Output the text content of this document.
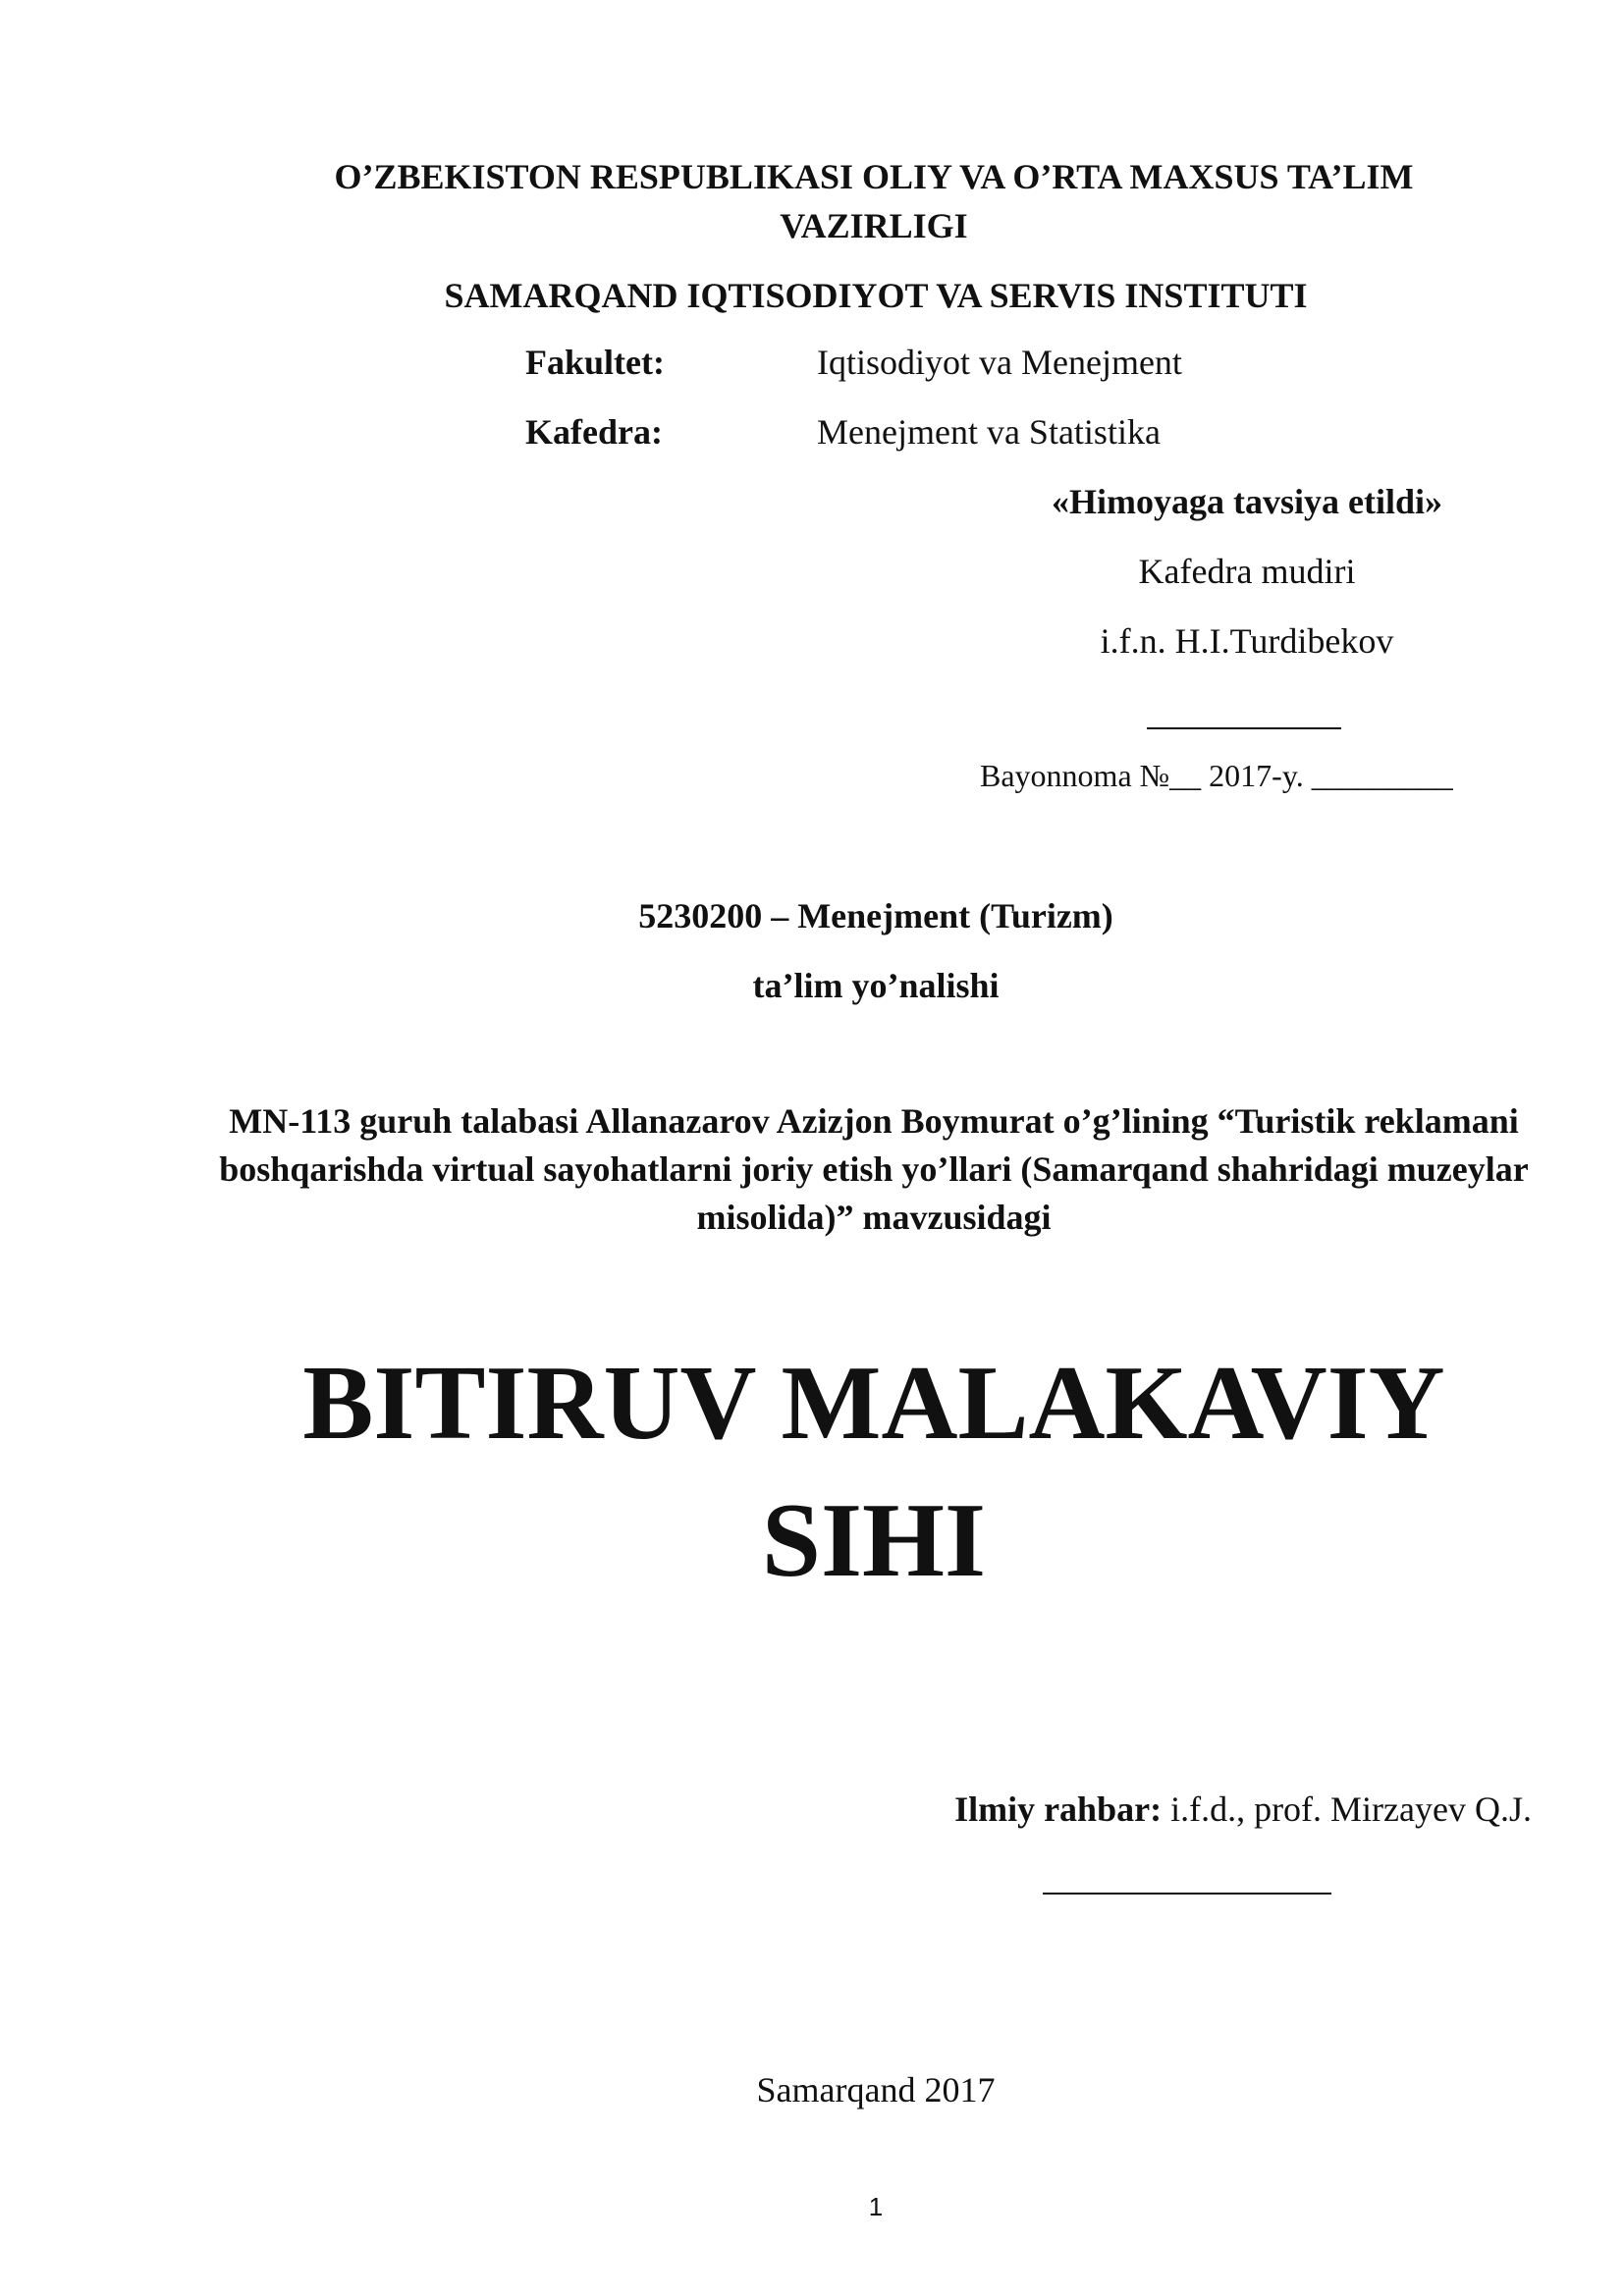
O’ZBEKISTON RESPUBLIKASI OLIY VA O’RTA MAXSUS TA’LIM VAZIRLIGI
SAMARQAND IQTISODIYOT VA SERVIS INSTITUTI
Fakultet:	Iqtisodiyot va Menejment
Kafedra:	Menejment va Statistika
«Himoyaga tavsiya etildi»
Kafedra mudiri
i.f.n. H.I.Turdibekov
Bayonnoma №__ 2017-y. _________
5230200 – Menejment (Turizm)
ta’lim yo’nalishi
MN-113 guruh talabasi Allanazarov Azizjon Boymurat o’g’lining “Turistik reklamani boshqarishda virtual sayohatlarni joriy etish yo’llari (Samarqand shahridagi muzeylar misolida)” mavzusidagi
BITIRUV MALAKAVIY
SIHI
Ilmiy rahbar: i.f.d., prof. Mirzayev Q.J.
Samarqand 2017
1
